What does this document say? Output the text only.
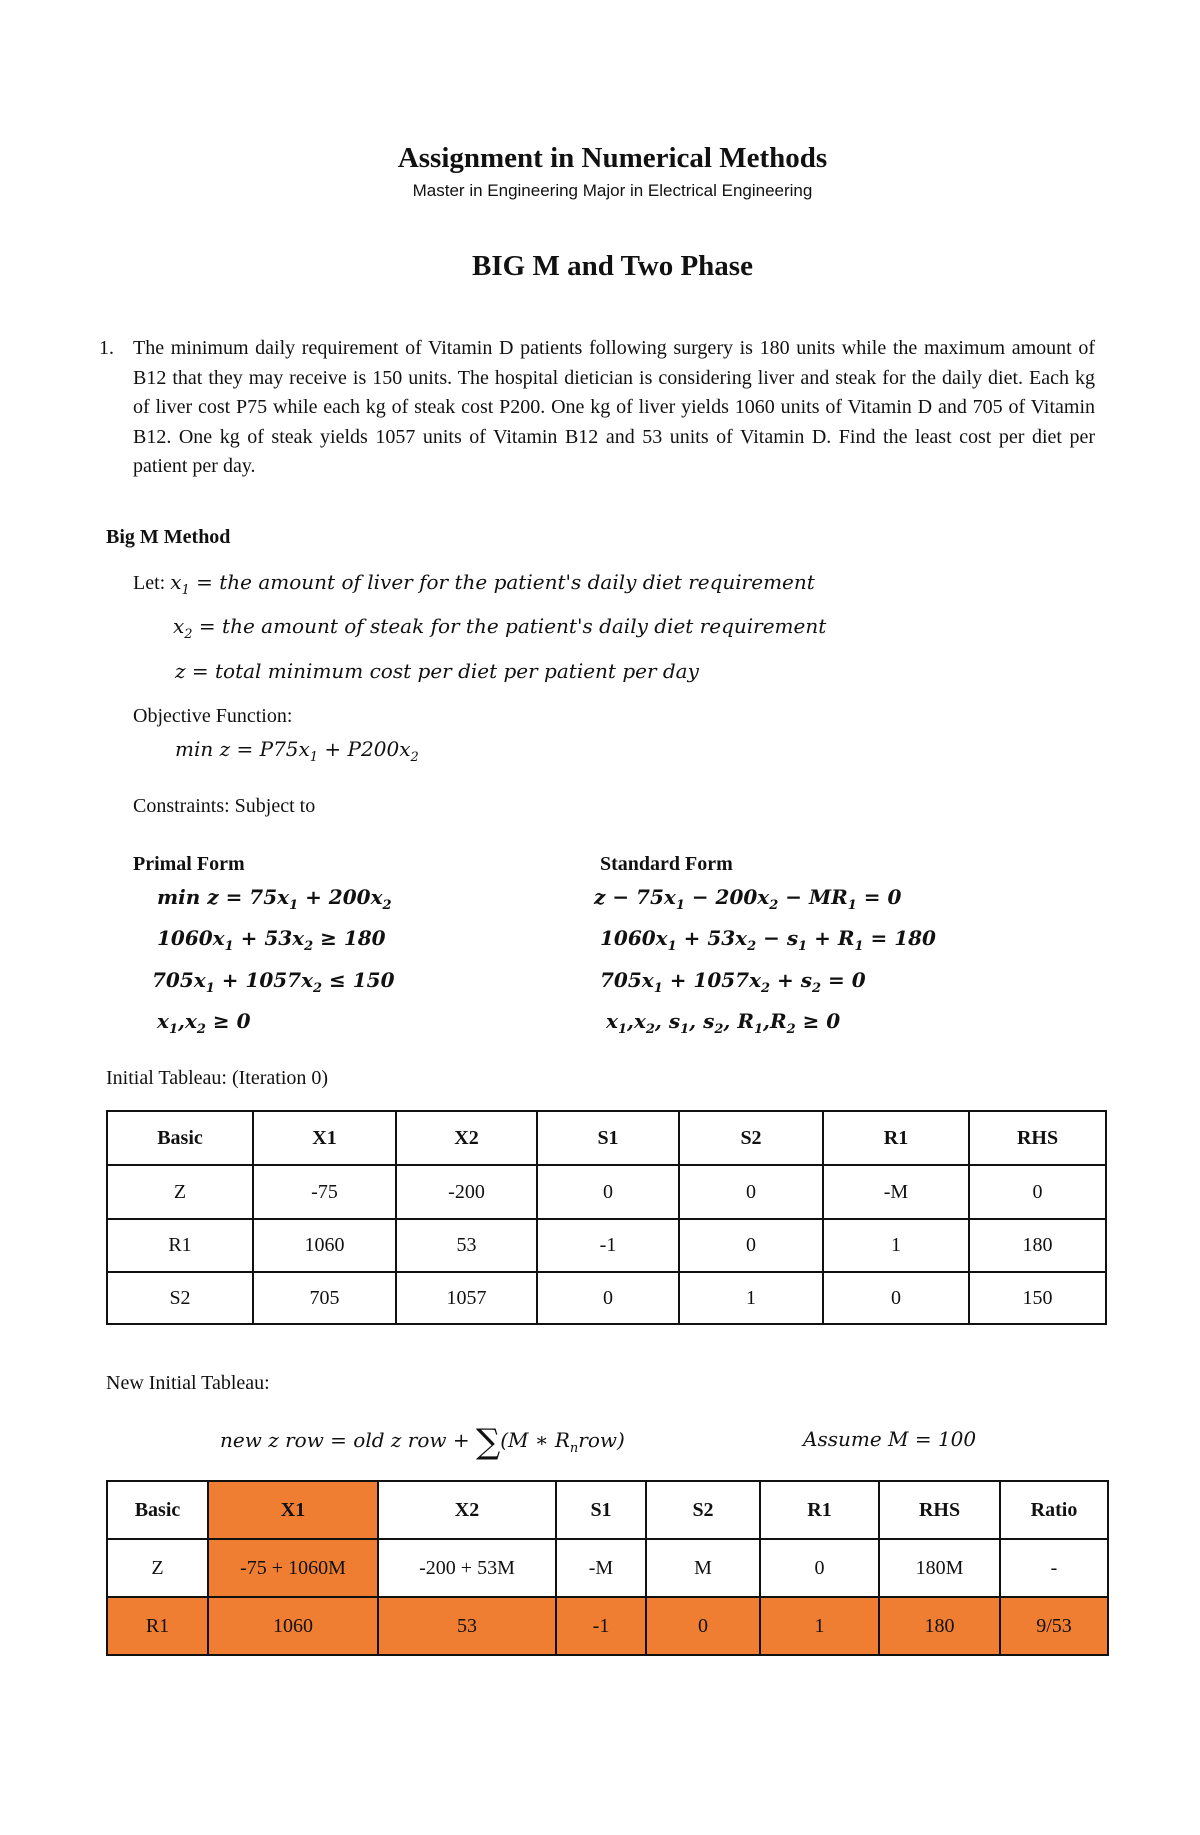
Assignment in Numerical Methods
Master in Engineering Major in Electrical Engineering
BIG M and Two Phase
1. The minimum daily requirement of Vitamin D patients following surgery is 180 units while the maximum amount of B12 that they may receive is 150 units. The hospital dietician is considering liver and steak for the daily diet. Each kg of liver cost P75 while each kg of steak cost P200. One kg of liver yields 1060 units of Vitamin D and 705 of Vitamin B12. One kg of steak yields 1057 units of Vitamin B12 and 53 units of Vitamin D. Find the least cost per diet per patient per day.
Big M Method
Let: $x_1$ = the amount of liver for the patient's daily diet requirement
$x_2$ = the amount of steak for the patient's daily diet requirement
z = total minimum cost per diet per patient per day
Objective Function:
$\min z = P75x_1 + P200x_2$
Constraints: Subject to
Primal Form
$\min z = 75x_1 + 200x_2$
$1060x_1 + 53x_2 \ge 180$
$705x_1 + 1057x_2 \le 150$
$x_1,x_2 \ge 0$
Standard Form
$z - 75x_1 - 200x_2 - MR_1 = 0$
$1060x_1 + 53x_2 - s_1 + R_1 = 180$
$705x_1 + 1057x_2 + s_2 = 0$
$x_1,x_2$, $s_1$, $s_2$, $R_1,R_2 \ge 0$
Initial Tableau: (Iteration 0)
Basic	X1	X2	S1	S2	R1	RHS
Z	-75	-200	0	0	-M	0
R1	1060	53	-1	0	1	180
S2	705	1057	0	1	0	150
New Initial Tableau:
new z row = old z row + ∑(M ∗ $R_nrow$)	Assume M = 100
Basic	X1	X2	S1	S2	R1	RHS	Ratio
Z	-75 + 1060M	-200 + 53M	-M	M	0	180M	-
R1	1060	53	-1	0	1	180	9/53
